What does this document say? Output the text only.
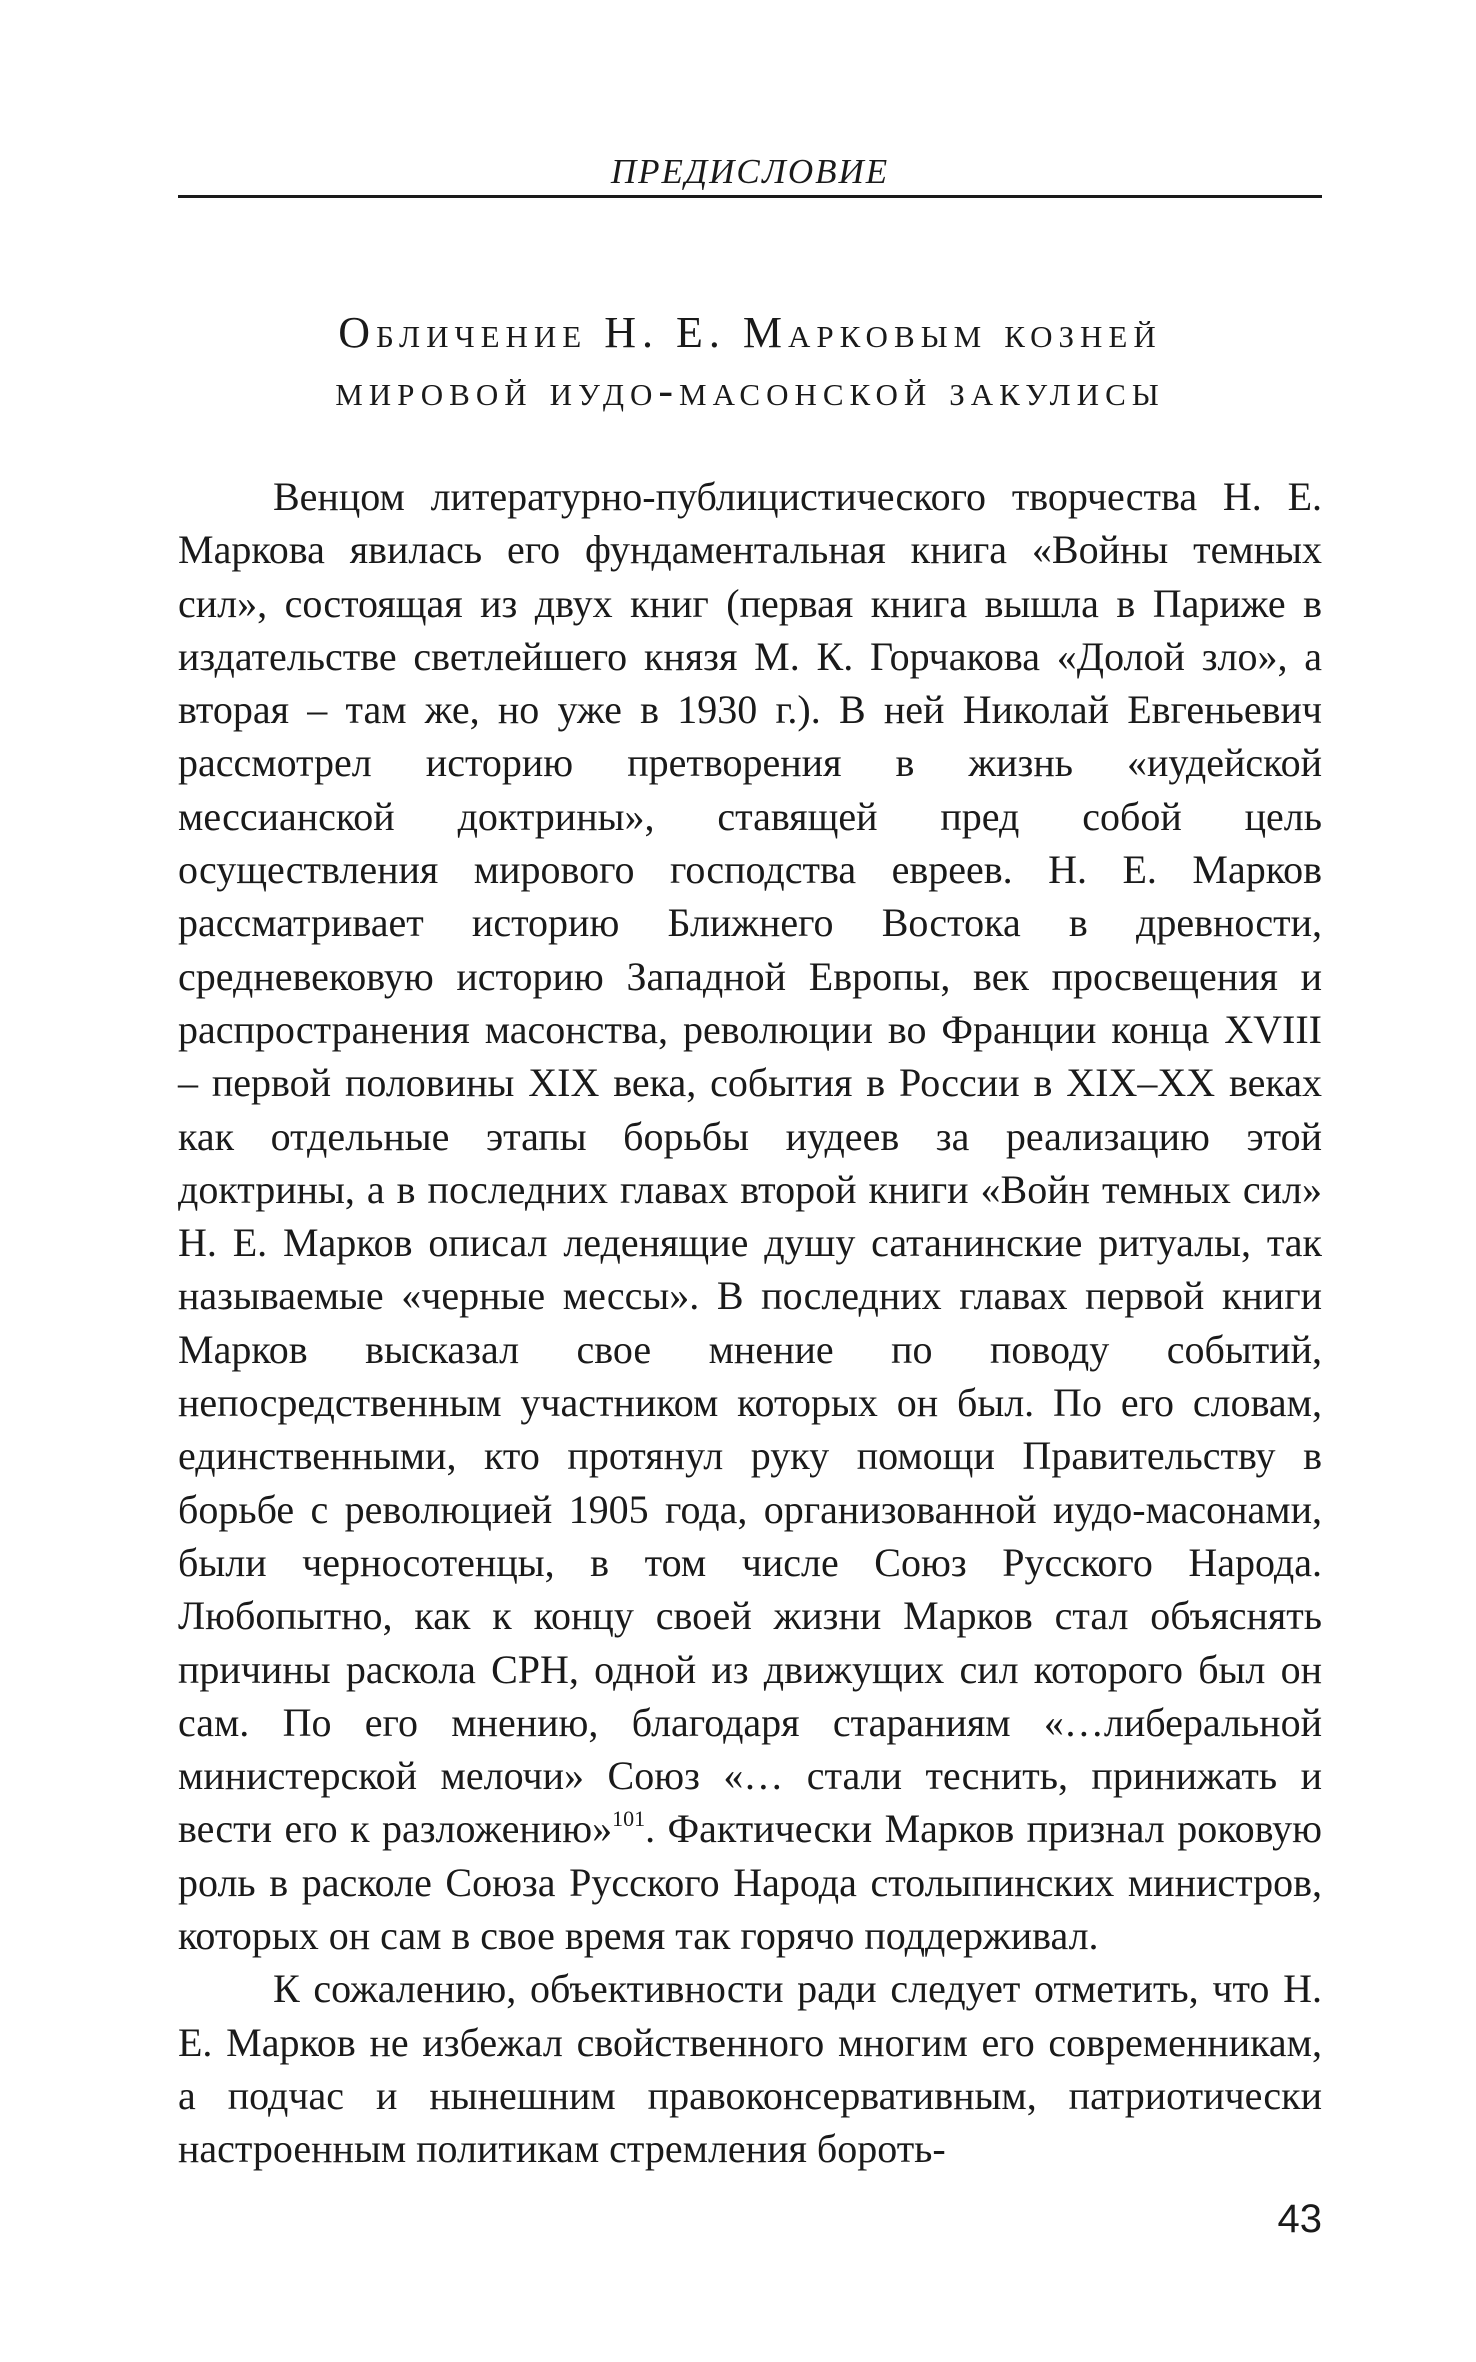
ПРЕДИСЛОВИЕ
Обличение Н. Е. Марковым козней
мировой иудо-масонской закулисы

Венцом литературно-публицистического творчества Н. Е. Маркова явилась его фундаментальная книга «Войны темных сил», состоящая из двух книг (первая книга вышла в Париже в издательстве светлейшего князя М. К. Горчакова «Долой зло», а вторая – там же, но уже в 1930 г.). В ней Николай Евгеньевич рассмотрел историю претворения в жизнь «иудейской мессианской доктрины», ставящей пред собой цель осуществления мирового господства евреев. Н. Е. Марков рассматривает историю Ближнего Востока в древности, средневековую историю Западной Европы, век просвещения и распространения масонства, революции во Франции конца XVIII – первой половины XIX века, события в России в XIX–XX веках как отдельные этапы борьбы иудеев за реализацию этой доктрины, а в последних главах второй книги «Войн темных сил» Н. Е. Марков описал леденящие душу сатанинские ритуалы, так называемые «черные мессы». В последних главах первой книги Марков высказал свое мнение по поводу событий, непосредственным участником которых он был. По его словам, единственными, кто протянул руку помощи Правительству в борьбе с революцией 1905 года, организованной иудо-масонами, были черносотенцы, в том числе Союз Русского Народа. Любопытно, как к концу своей жизни Марков стал объяснять причины раскола СРН, одной из движущих сил которого был он сам. По его мнению, благодаря стараниям «…либеральной министерской мелочи» Союз «… стали теснить, принижать и вести его к разложению»$^{101}$. Фактически Марков признал роковую роль в расколе Союза Русского Народа столыпинских министров, которых он сам в свое время так горячо поддерживал.

К сожалению, объективности ради следует отметить, что Н. Е. Марков не избежал свойственного многим его современникам, а подчас и нынешним правоконсервативным, патриотически настроенным политикам стремления бороть-

43
